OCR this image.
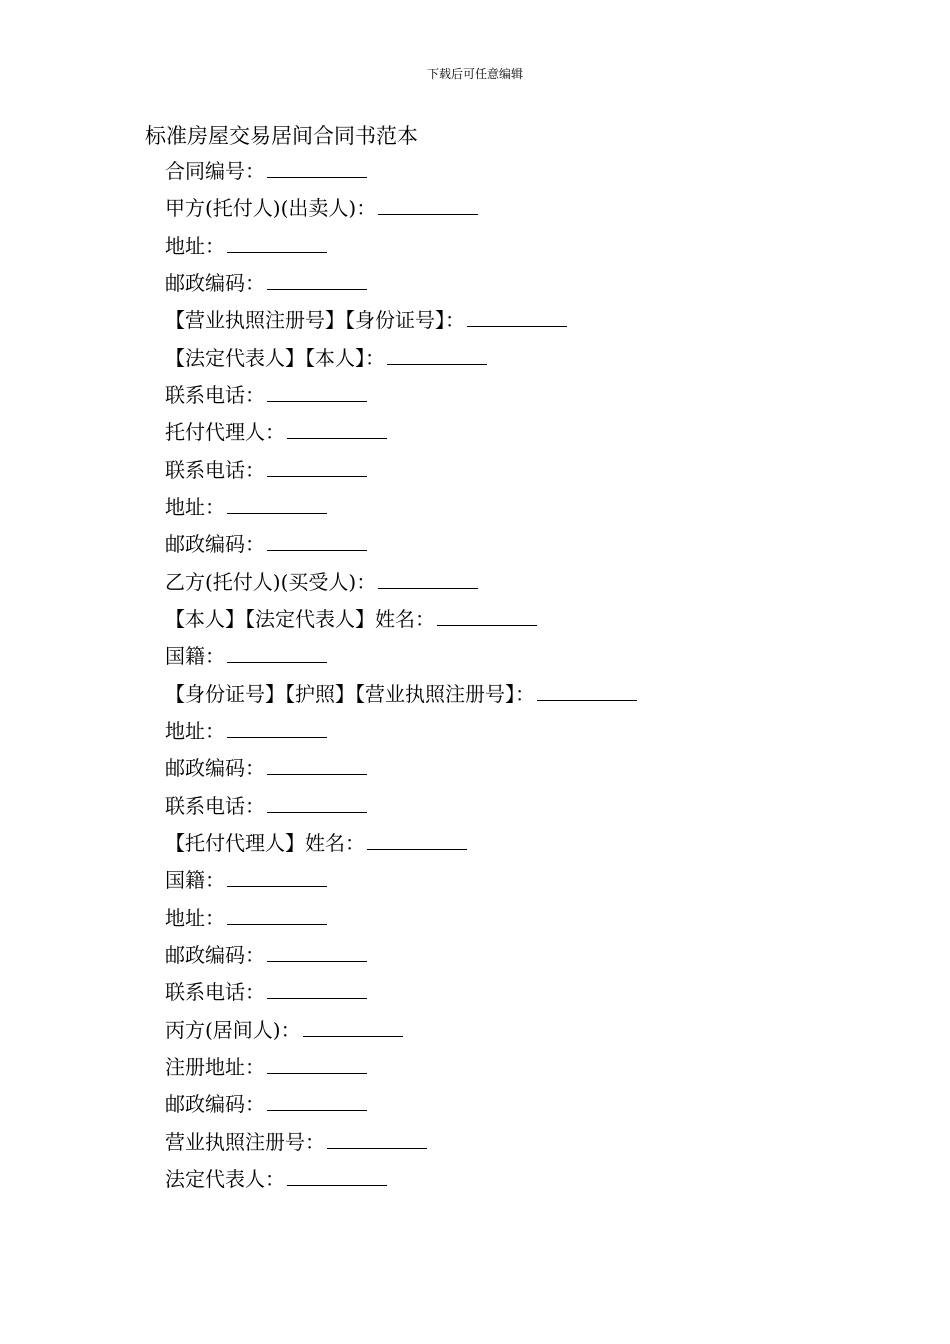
下载后可任意编辑
标准房屋交易居间合同书范本
合同编号：
甲方(托付人)(出卖人)：
地址：
邮政编码：
【营业执照注册号】【身份证号】：
【法定代表人】【本人】：
联系电话：
托付代理人：
联系电话：
地址：
邮政编码：
乙方(托付人)(买受人)：
【本人】【法定代表人】姓名：
国籍：
【身份证号】【护照】【营业执照注册号】：
地址：
邮政编码：
联系电话：
【托付代理人】姓名：
国籍：
地址：
邮政编码：
联系电话：
丙方(居间人)：
注册地址：
邮政编码：
营业执照注册号：
法定代表人：
